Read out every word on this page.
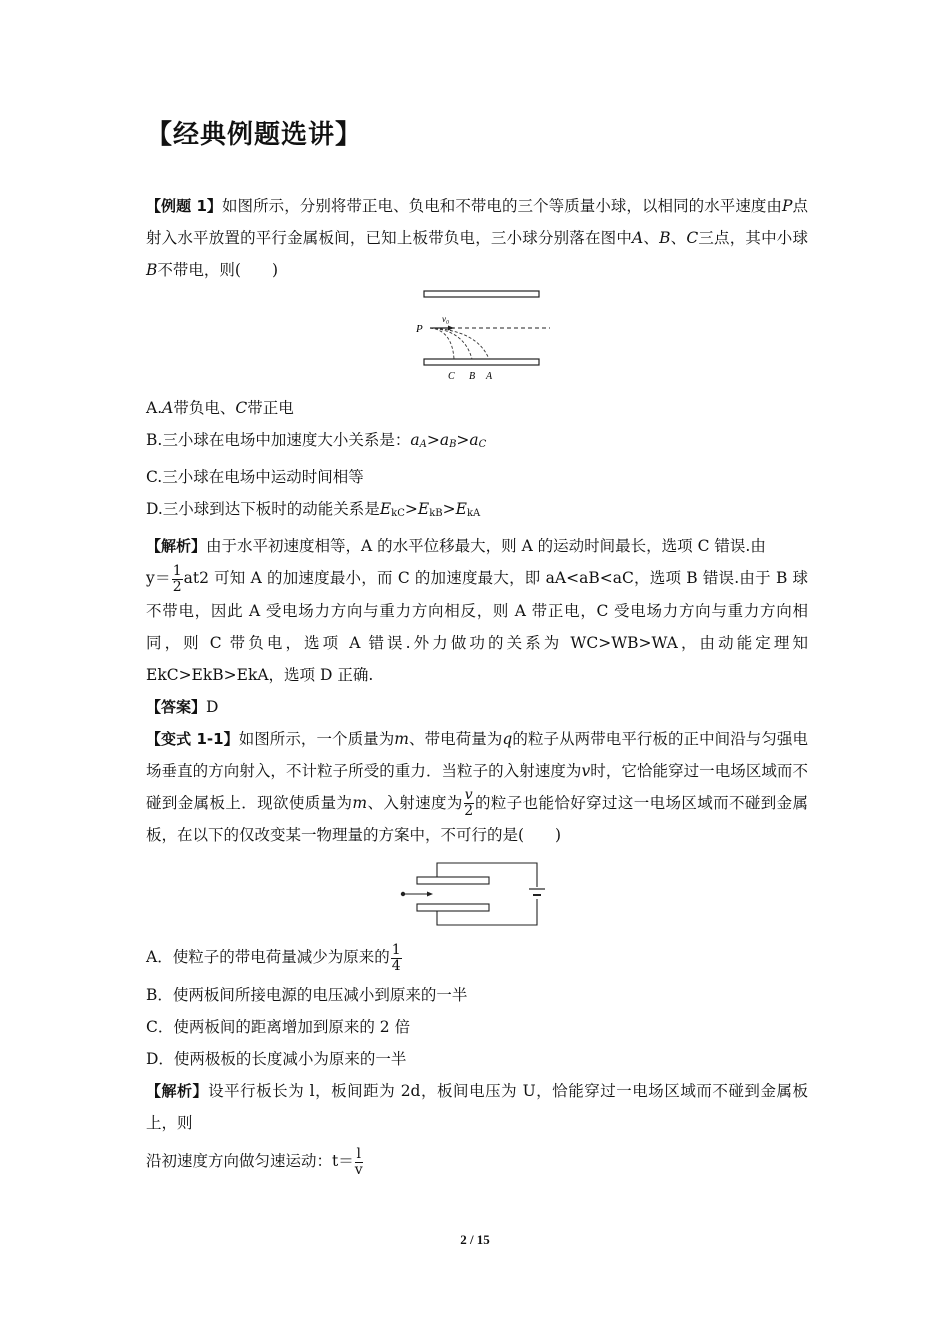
【经典例题选讲】

【例题 1】如图所示，分别将带正电、负电和不带电的三个等质量小球，以相同的水平速度由P点射入水平放置的平行金属板间，已知上板带负电，三小球分别落在图中A、B、C三点，其中小球B不带电，则(　　)

P
v₀
C B A

A.A带负电、C带正电

B.三小球在电场中加速度大小关系是：$a_A>a_B>a_C$

C.三小球在电场中运动时间相等

D.三小球到达下板时的动能关系是$E_{kC}>E_{kB}>E_{kA}$

【解析】由于水平初速度相等，A 的水平位移最大，则 A 的运动时间最长，选项 C 错误.由

$y= \frac{1}{2} at2$ 可知 A 的加速度最小，而 C 的加速度最大，即 aA<aB<aC，选项 B 错误.由于 B 球不带电，因此 A 受电场力方向与重力方向相反，则 A 带正电，C 受电场力方向与重力方向相同，则 C 带负电，选项 A 错误.外力做功的关系为 WC>WB>WA，由动能定理知 EkC>EkB>EkA，选项 D 正确.

【答案】D

【变式 1-1】如图所示，一个质量为m、带电荷量为q的粒子从两带电平行板的正中间沿与匀强电场垂直的方向射入，不计粒子所受的重力．当粒子的入射速度为v时，它恰能穿过一电场区域而不碰到金属板上．现欲使质量为m、入射速度为 $\frac{v}{2}$ 的粒子也能恰好穿过这一电场区域而不碰到金属板，在以下的仅改变某一物理量的方案中，不可行的是(　　)

A．使粒子的带电荷量减少为原来的 $\frac{1}{4}$

B．使两板间所接电源的电压减小到原来的一半

C．使两板间的距离增加到原来的 2 倍

D．使两极板的长度减小为原来的一半

【解析】设平行板长为 l，板间距为 2d，板间电压为 U，恰能穿过一电场区域而不碰到金属板上，则

沿初速度方向做匀速运动：$t= \frac{l}{v}$

2 / 15
